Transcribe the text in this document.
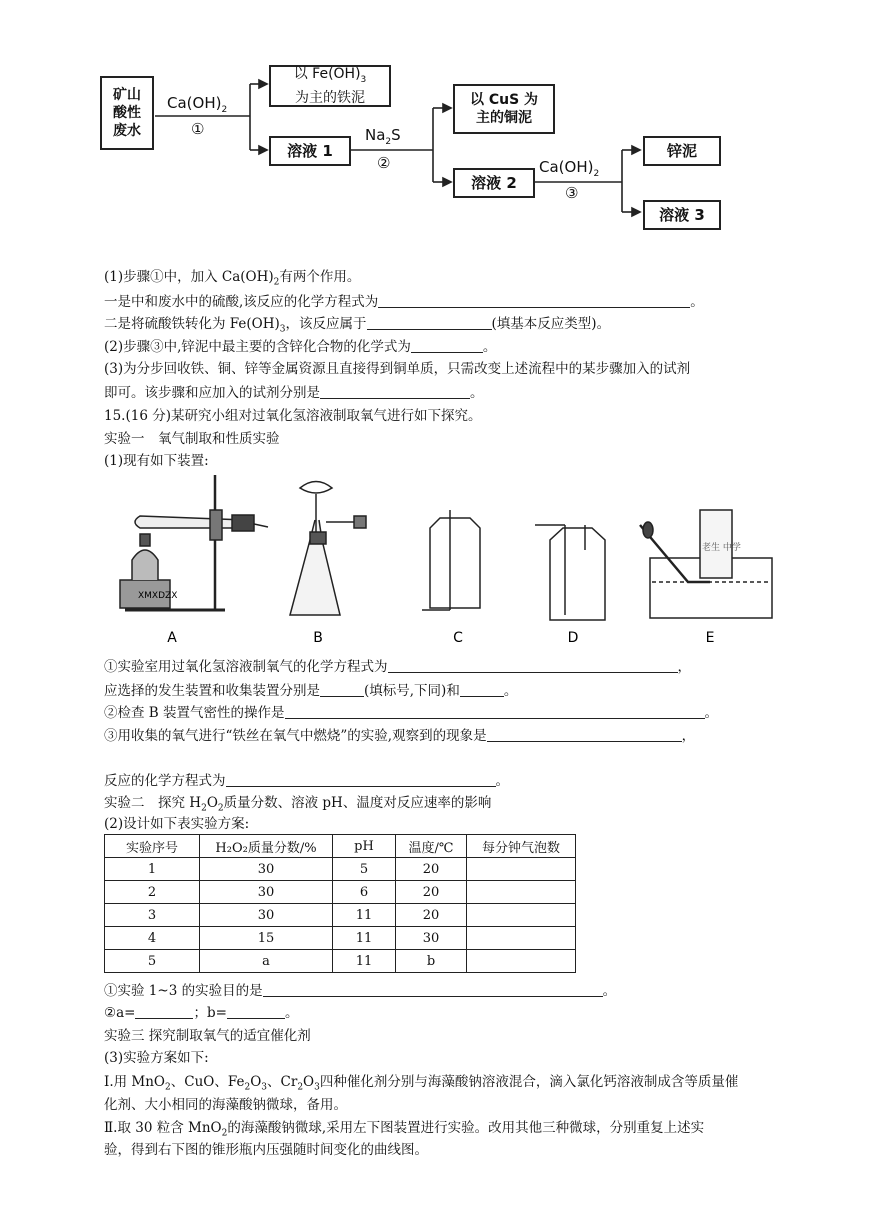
矿山
酸性
废水
$Ca(OH)_2$
①
以 $Fe(OH)_3$
为主的铁泥
溶液 1
$Na_2S$
②
以 CuS 为
主的铜泥
溶液 2
$Ca(OH)_2$
③
锌泥
溶液 3
(1)步骤①中，加入 $Ca(OH)_2$有两个作用。
一是中和废水中的硫酸,该反应的化学方程式为	。
二是将硫酸铁转化为 $Fe(OH)_3$，该反应属于	(填基本反应类型)。
(2)步骤③中,锌泥中最主要的含锌化合物的化学式为	。
(3)为分步回收铁、铜、锌等金属资源且直接得到铜单质，只需改变上述流程中的某步骤加入的试剂
即可。该步骤和应加入的试剂分别是	。
15.(16 分)某研究小组对过氧化氢溶液制取氧气进行如下探究。
实验一　氧气制取和性质实验
(1)现有如下装置:
XMXDZX
老生 中学
A	B	C	D	E
①实验室用过氧化氢溶液制氧气的化学方程式为	，
应选择的发生装置和收集装置分别是	(填标号,下同)和	。
②检查 B 装置气密性的操作是	。
③用收集的氧气进行“铁丝在氧气中燃烧”的实验,观察到的现象是	，
反应的化学方程式为	。
实验二　探究 $H_2O_2$质量分数、溶液 pH、温度对反应速率的影响
(2)设计如下表实验方案:
实验序号	H₂O₂质量分数/%	pH	温度/℃	每分钟气泡数
1	30	5	20	
2	30	6	20	
3	30	11	20	
4	15	11	30	
5	a	11	b	
①实验 1~3 的实验目的是	。
②a=	；b=	。
实验三 探究制取氧气的适宜催化剂
(3)实验方案如下:
I.用 MnO$_2$、CuO、$Fe_2O_3$、$Cr_2O_3$四种催化剂分别与海藻酸钠溶液混合，滴入氯化钙溶液制成含等质量催
化剂、大小相同的海藻酸钠微球，备用。
Ⅱ.取 30 粒含 MnO$_2$的海藻酸钠微球,采用左下图装置进行实验。改用其他三种微球，分别重复上述实
验，得到右下图的锥形瓶内压强随时间变化的曲线图。
